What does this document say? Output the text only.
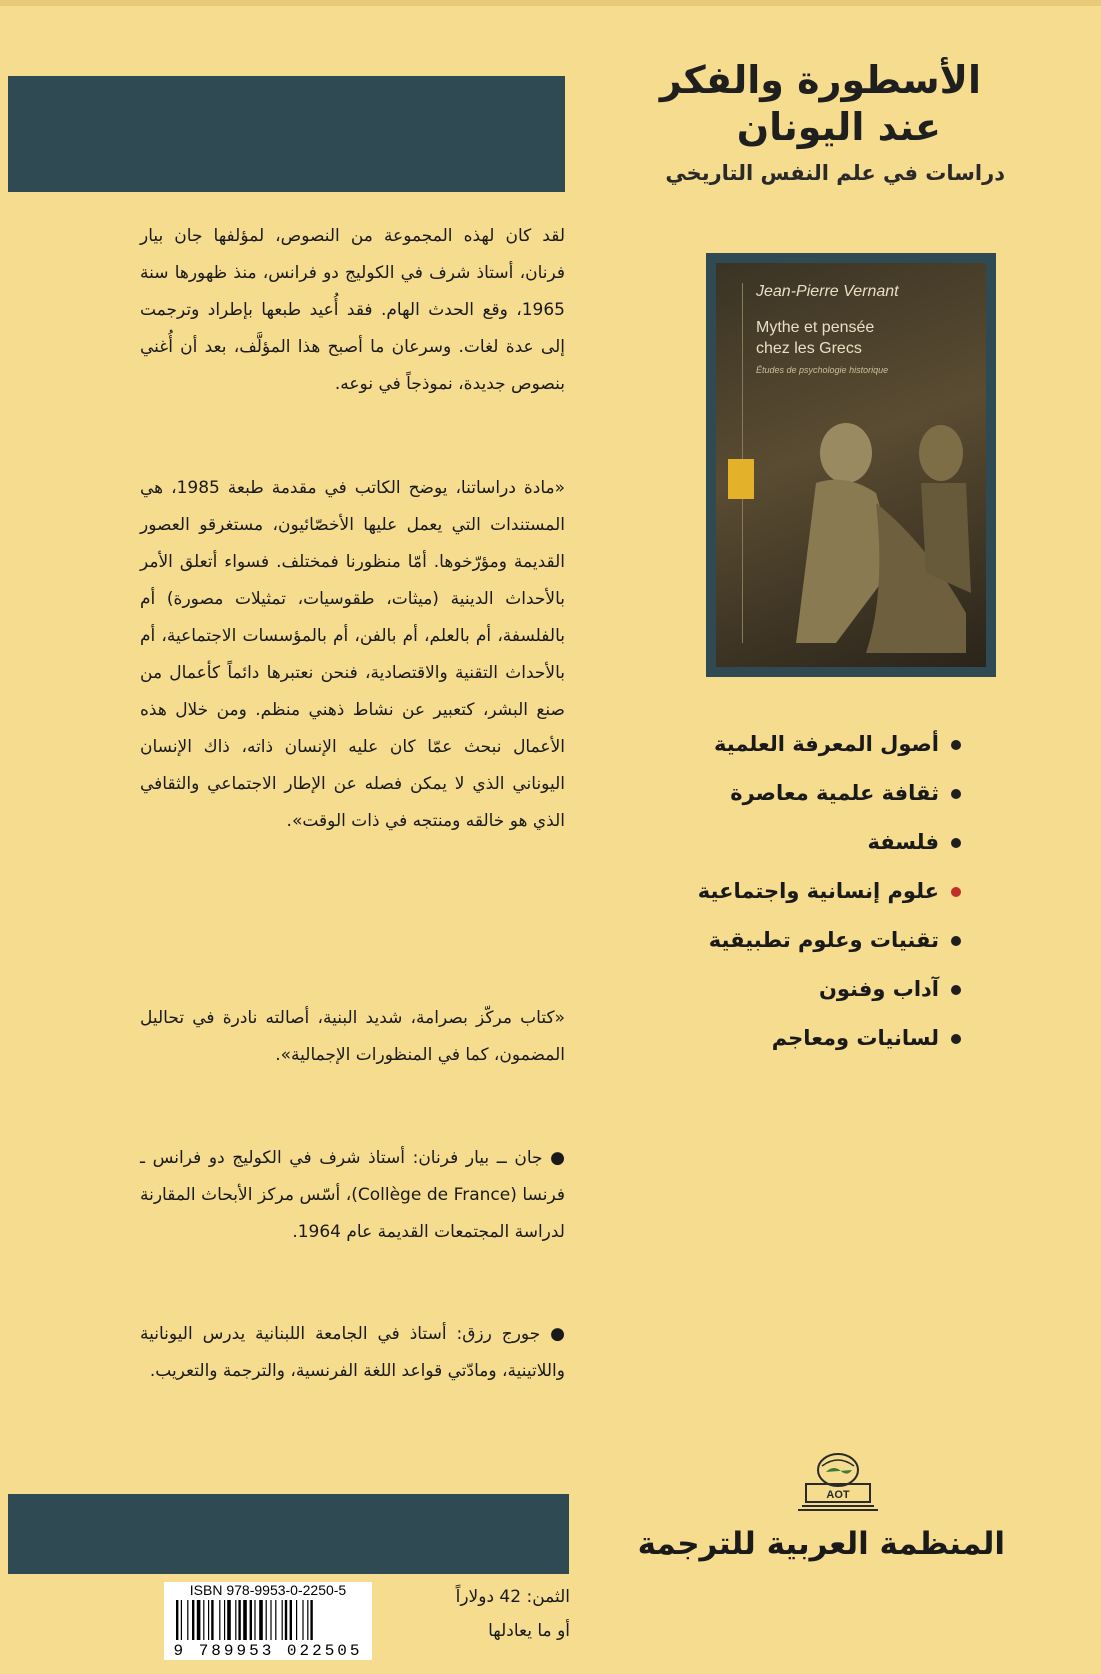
الأسطورة والفكر
عند اليونان
دراسات في علم النفس التاريخي
Jean-Pierre Vernant
Mythe et pensée
chez les Grecs
Études de psychologie historique

لقد كان لهذه المجموعة من النصوص، لمؤلفها جان بيار فرنان، أستاذ شرف في الكوليج دو فرانس، منذ ظهورها سنة 1965، وقع الحدث الهام. فقد أُعيد طبعها بإطراد وترجمت إلى عدة لغات. وسرعان ما أصبح هذا المؤلَّف، بعد أن أُغني بنصوص جديدة، نموذجاً في نوعه.

«مادة دراساتنا، يوضح الكاتب في مقدمة طبعة 1985، هي المستندات التي يعمل عليها الأخصّائيون، مستغرقو العصور القديمة ومؤرّخوها. أمّا منظورنا فمختلف. فسواء أتعلق الأمر بالأحداث الدينية (ميثات، طقوسيات، تمثيلات مصورة) أم بالفلسفة، أم بالعلم، أم بالفن، أم بالمؤسسات الاجتماعية، أم بالأحداث التقنية والاقتصادية، فنحن نعتبرها دائماً كأعمال من صنع البشر، كتعبير عن نشاط ذهني منظم. ومن خلال هذه الأعمال نبحث عمّا كان عليه الإنسان ذاته، ذاك الإنسان اليوناني الذي لا يمكن فصله عن الإطار الاجتماعي والثقافي الذي هو خالقه ومنتجه في ذات الوقت».

«كتاب مركّز بصرامة، شديد البنية، أصالته نادرة في تحاليل المضمون، كما في المنظورات الإجمالية».

● جان ــ بيار فرنان: أستاذ شرف في الكوليج دو فرانس ـ فرنسا (Collège de France)، أسّس مركز الأبحاث المقارنة لدراسة المجتمعات القديمة عام 1964.

● جورج رزق: أستاذ في الجامعة اللبنانية يدرس اليونانية واللاتينية، ومادّتي قواعد اللغة الفرنسية، والترجمة والتعريب.

أصول المعرفة العلمية
ثقافة علمية معاصرة
فلسفة
علوم إنسانية واجتماعية
تقنيات وعلوم تطبيقية
آداب وفنون
لسانيات ومعاجم
AOT
المنظمة العربية للترجمة
الثمن: 42 دولاراً
أو ما يعادلها
ISBN 978-9953-0-2250-5
9 789953 022505
